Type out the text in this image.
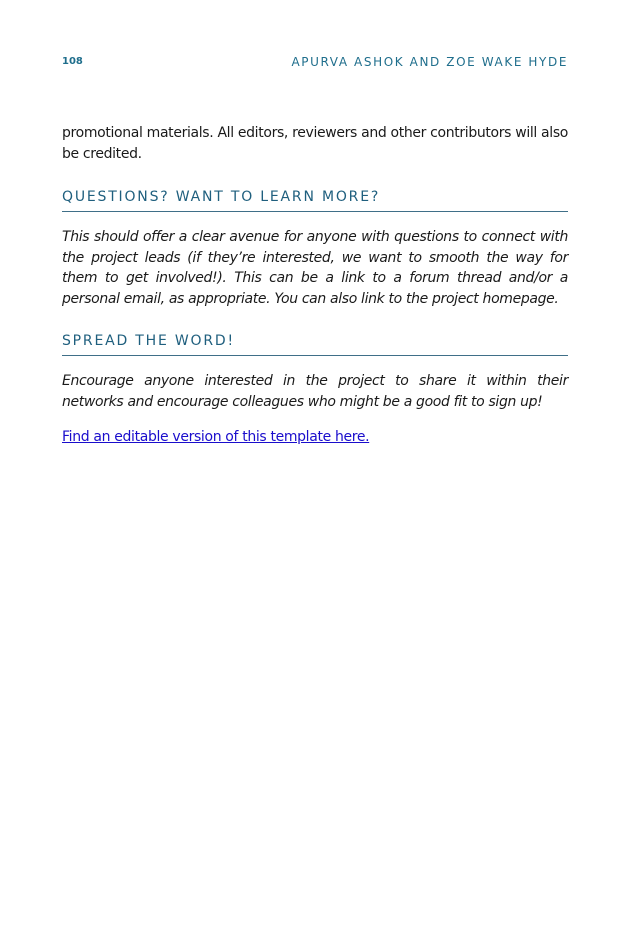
108	APURVA ASHOK AND ZOE WAKE HYDE

promotional materials. All editors, reviewers and other contributors will also be credited.

QUESTIONS? WANT TO LEARN MORE?

This should offer a clear avenue for anyone with questions to connect with the project leads (if they’re interested, we want to smooth the way for them to get involved!). This can be a link to a forum thread and/or a personal email, as appropriate. You can also link to the project homepage.

SPREAD THE WORD!

Encourage anyone interested in the project to share it within their networks and encourage colleagues who might be a good fit to sign up!

Find an editable version of this template here.
